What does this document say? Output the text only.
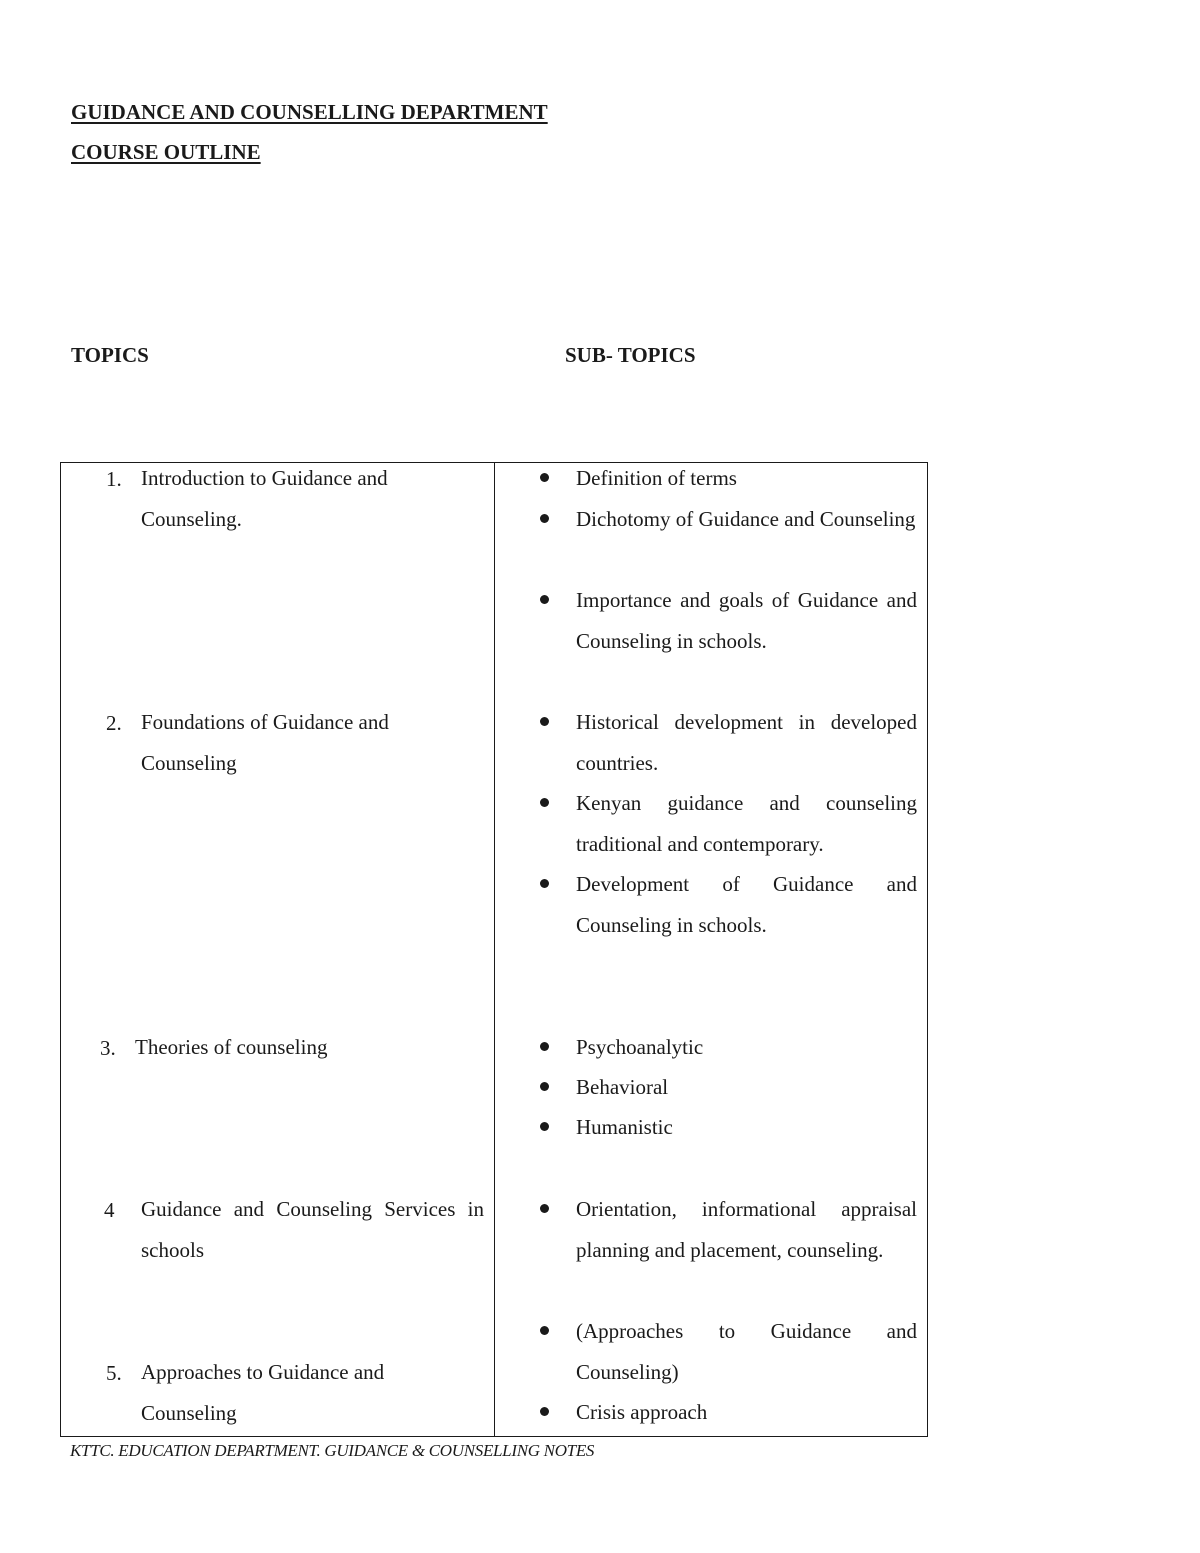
GUIDANCE AND COUNSELLING DEPARTMENT
COURSE OUTLINE
TOPICS	SUB- TOPICS
1. Introduction to Guidance and Counseling.
2. Foundations of Guidance and Counseling
3. Theories of counseling
4 Guidance and Counseling Services in schools
5. Approaches to Guidance and Counseling
Definition of terms
Dichotomy of Guidance and Counseling
Importance and goals of Guidance and Counseling in schools.
Historical development in developed countries.
Kenyan guidance and counseling traditional and contemporary.
Development of Guidance and Counseling in schools.
Psychoanalytic
Behavioral
Humanistic
Orientation, informational appraisal planning and placement, counseling.
(Approaches to Guidance and Counseling)
Crisis approach
KTTC. EDUCATION DEPARTMENT. GUIDANCE & COUNSELLING NOTES
